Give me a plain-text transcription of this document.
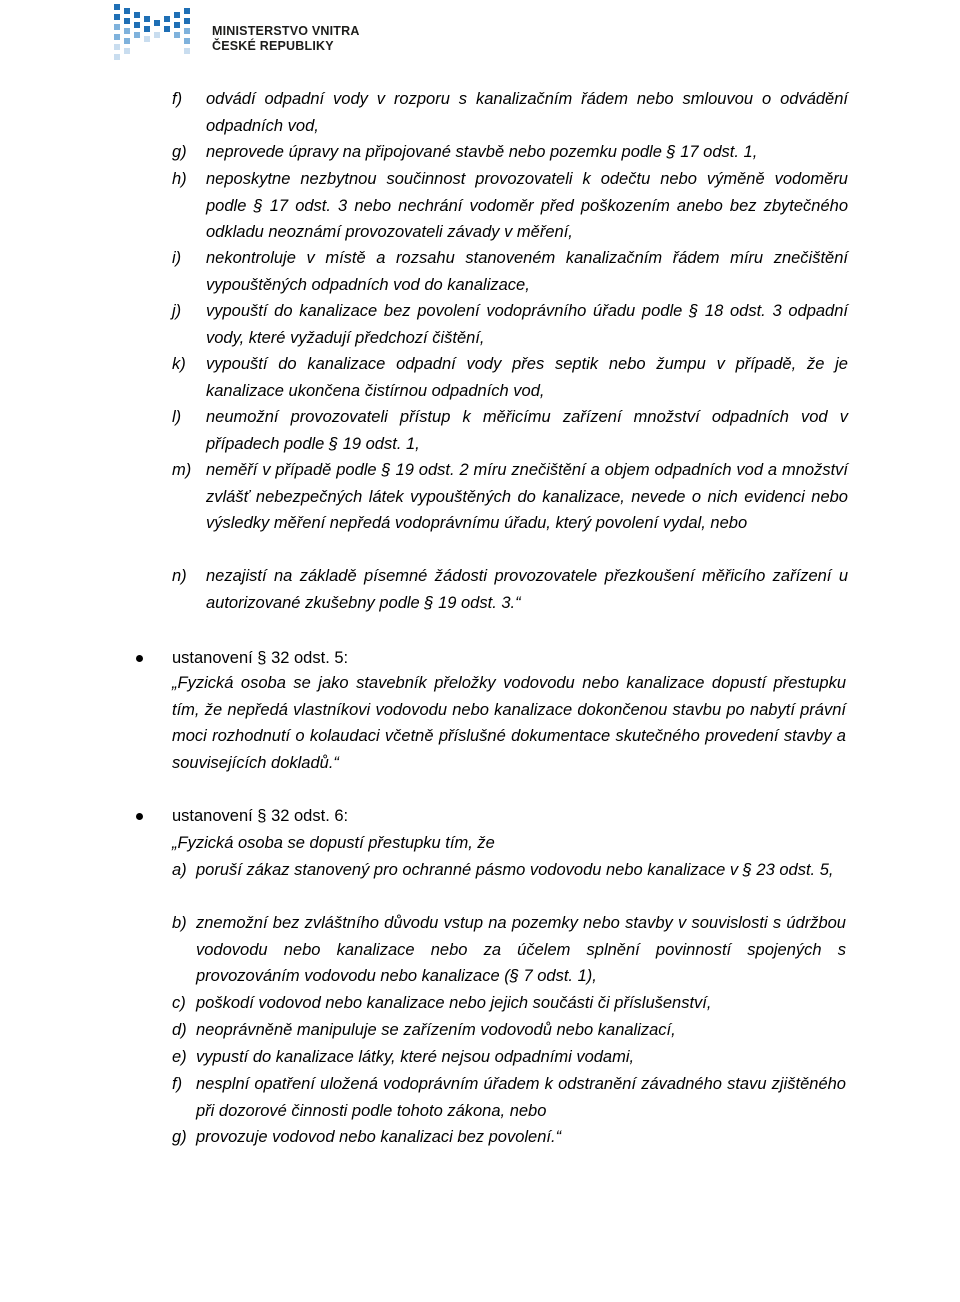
MINISTERSTVO VNITRA
ČESKÉ REPUBLIKY
f) odvádí odpadní vody v rozporu s kanalizačním řádem nebo smlouvou o odvádění odpadních vod,
g) neprovede úpravy na připojované stavbě nebo pozemku podle § 17 odst. 1,
h) neposkytne nezbytnou součinnost provozovateli k odečtu nebo výměně vodoměru podle § 17 odst. 3 nebo nechrání vodoměr před poškozením anebo bez zbytečného odkladu neoznámí provozovateli závady v měření,
i) nekontroluje v místě a rozsahu stanoveném kanalizačním řádem míru znečištění vypouštěných odpadních vod do kanalizace,
j) vypouští do kanalizace bez povolení vodoprávního úřadu podle § 18 odst. 3 odpadní vody, které vyžadují předchozí čištění,
k) vypouští do kanalizace odpadní vody přes septik nebo žumpu v případě, že je kanalizace ukončena čistírnou odpadních vod,
l) neumožní provozovateli přístup k měřicímu zařízení množství odpadních vod v případech podle § 19 odst. 1,
m) neměří v případě podle § 19 odst. 2 míru znečištění a objem odpadních vod a množství zvlášť nebezpečných látek vypouštěných do kanalizace, nevede o nich evidenci nebo výsledky měření nepředá vodoprávnímu úřadu, který povolení vydal, nebo
n) nezajistí na základě písemné žádosti provozovatele přezkoušení měřicího zařízení u autorizované zkušebny podle § 19 odst. 3.“
ustanovení § 32 odst. 5:
„Fyzická osoba se jako stavebník přeložky vodovodu nebo kanalizace dopustí přestupku tím, že nepředá vlastníkovi vodovodu nebo kanalizace dokončenou stavbu po nabytí právní moci rozhodnutí o kolaudaci včetně příslušné dokumentace skutečného provedení stavby a souvisejících dokladů.“
ustanovení § 32 odst. 6:
„Fyzická osoba se dopustí přestupku tím, že
a) poruší zákaz stanovený pro ochranné pásmo vodovodu nebo kanalizace v § 23 odst. 5,
b) znemožní bez zvláštního důvodu vstup na pozemky nebo stavby v souvislosti s údržbou vodovodu nebo kanalizace nebo za účelem splnění povinností spojených s provozováním vodovodu nebo kanalizace (§ 7 odst. 1),
c) poškodí vodovod nebo kanalizace nebo jejich součásti či příslušenství,
d) neoprávněně manipuluje se zařízením vodovodů nebo kanalizací,
e) vypustí do kanalizace látky, které nejsou odpadními vodami,
f) nesplní opatření uložená vodoprávním úřadem k odstranění závadného stavu zjištěného při dozorové činnosti podle tohoto zákona, nebo
g) provozuje vodovod nebo kanalizaci bez povolení.“
